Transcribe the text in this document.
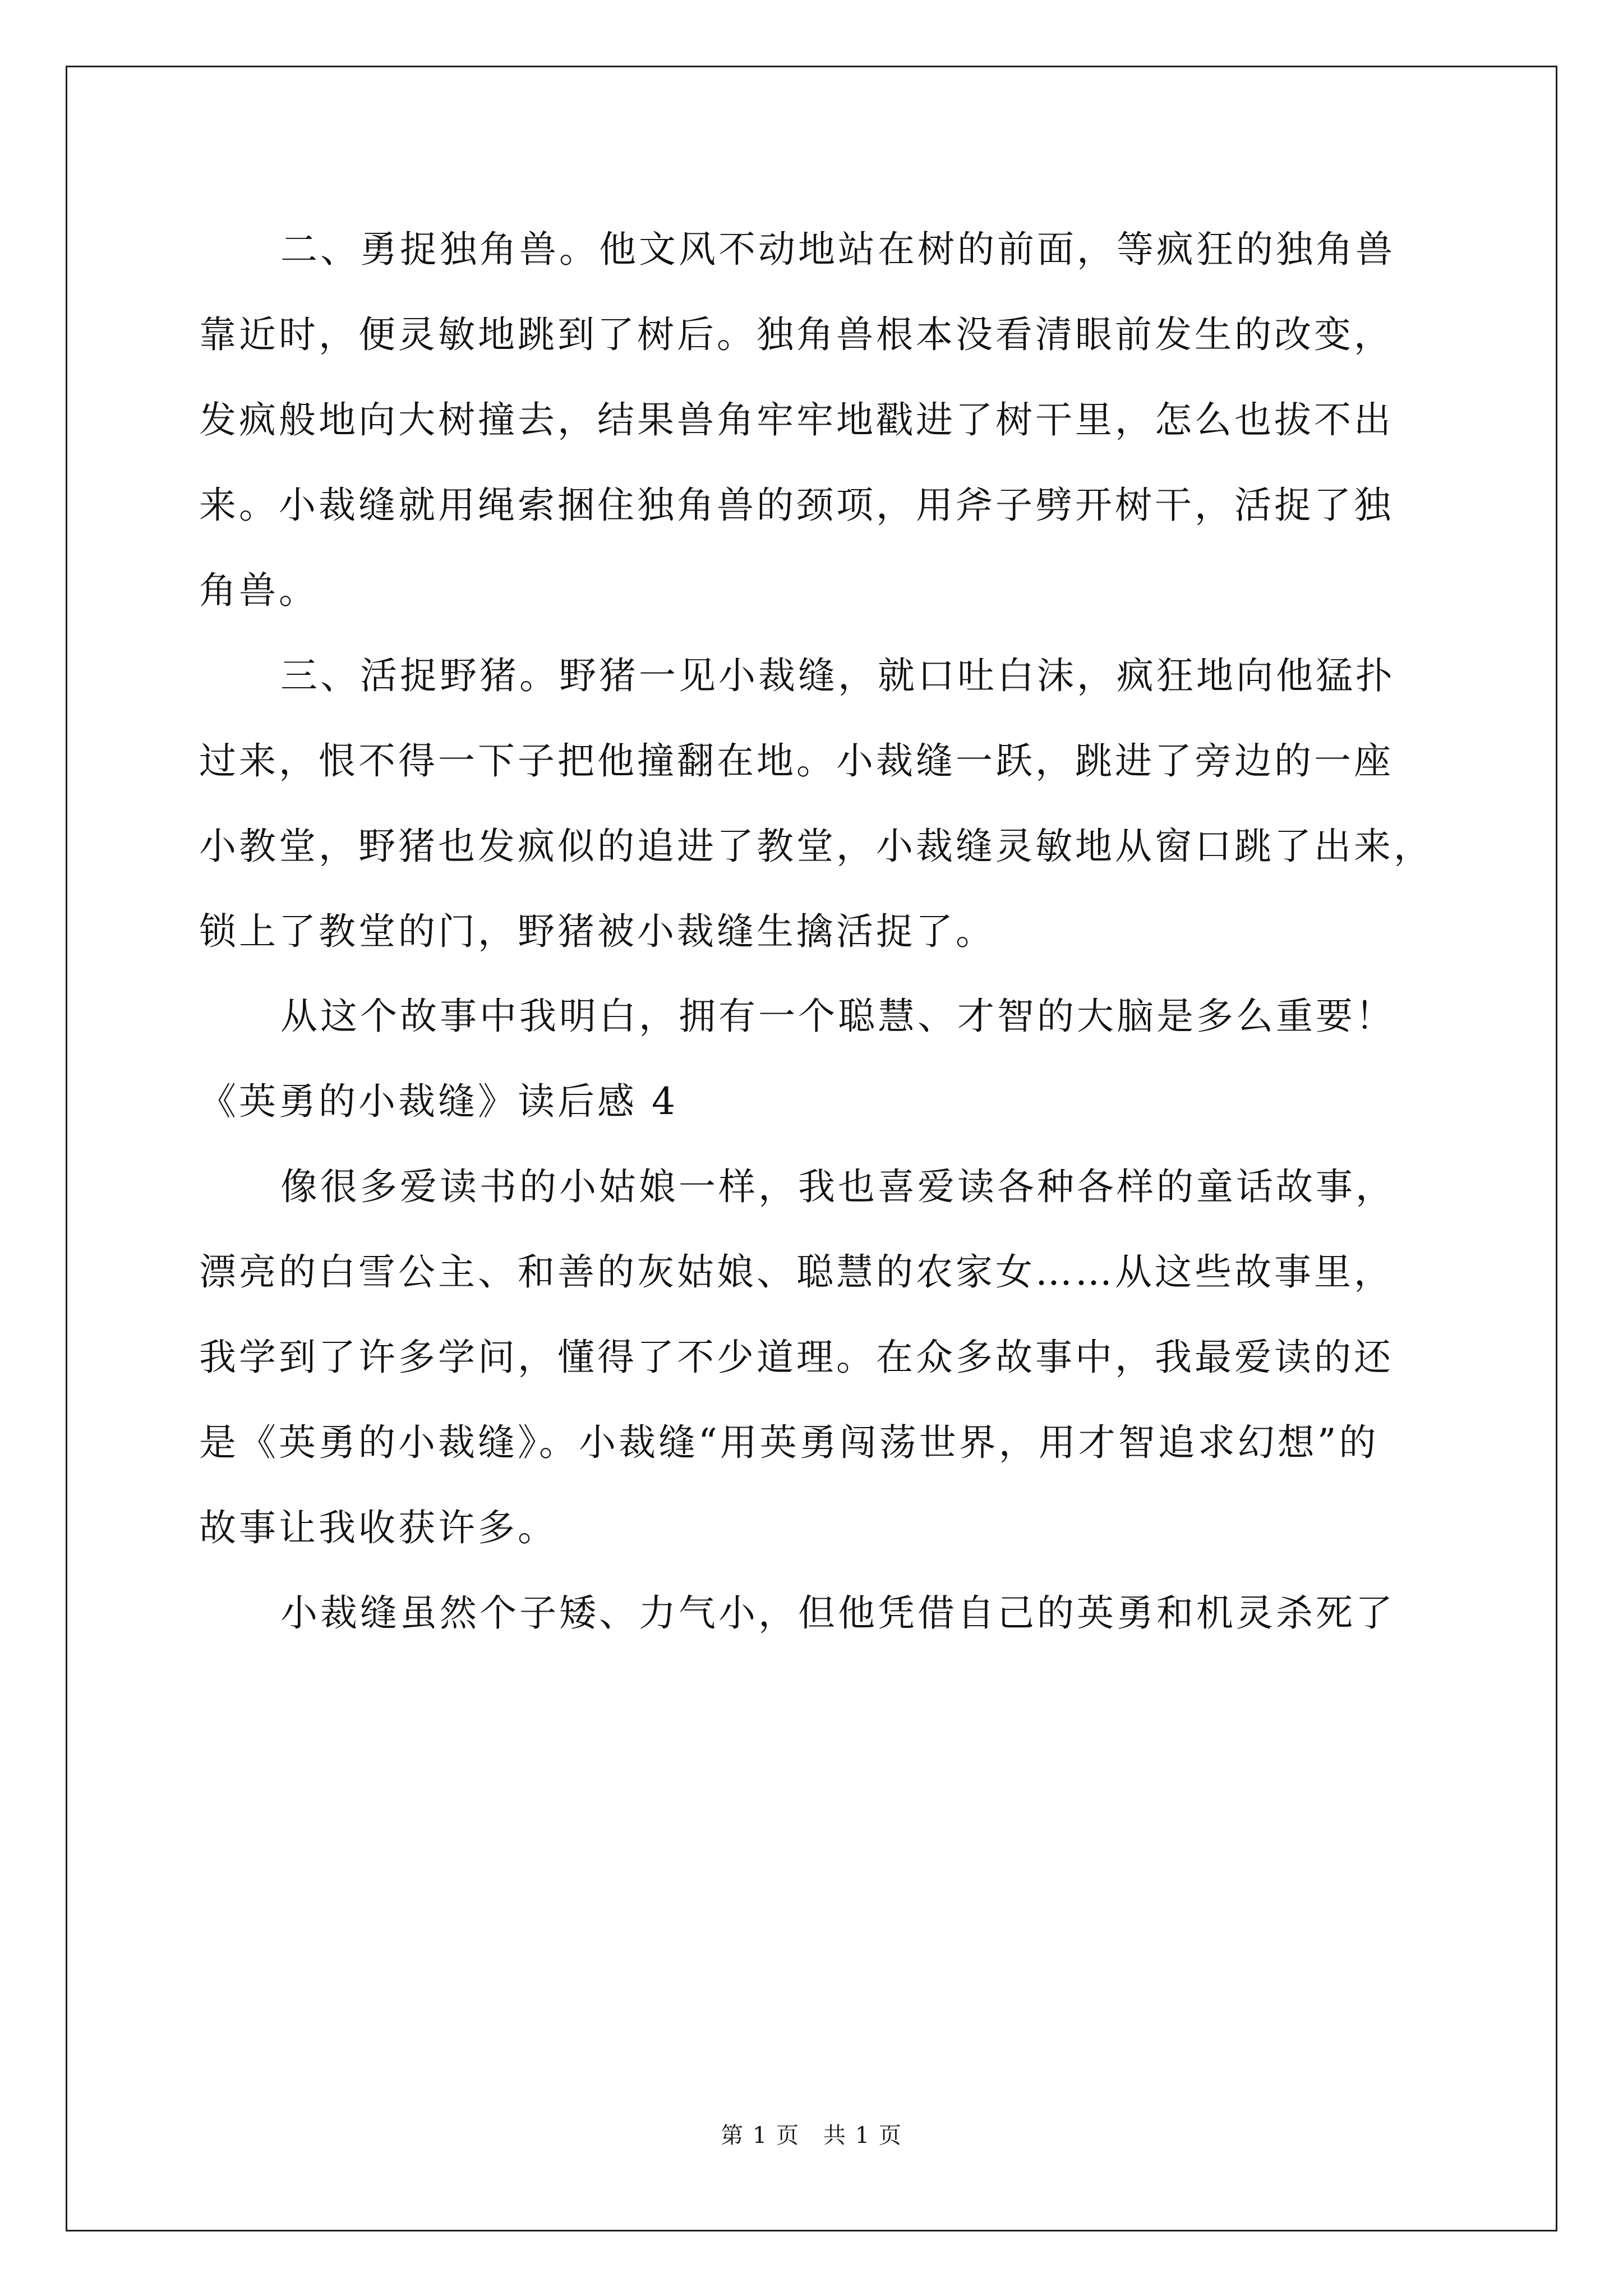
二、勇捉独角兽。他文风不动地站在树的前面，等疯狂的独角兽
靠近时，便灵敏地跳到了树后。独角兽根本没看清眼前发生的改变，
发疯般地向大树撞去，结果兽角牢牢地戳进了树干里，怎么也拔不出
来。小裁缝就用绳索捆住独角兽的颈项，用斧子劈开树干，活捉了独
角兽。
三、活捉野猪。野猪一见小裁缝，就口吐白沫，疯狂地向他猛扑
过来，恨不得一下子把他撞翻在地。小裁缝一跃，跳进了旁边的一座
小教堂，野猪也发疯似的追进了教堂，小裁缝灵敏地从窗口跳了出来，
锁上了教堂的门，野猪被小裁缝生擒活捉了。
从这个故事中我明白，拥有一个聪慧、才智的大脑是多么重要！
《英勇的小裁缝》读后感 4
像很多爱读书的小姑娘一样，我也喜爱读各种各样的童话故事，
漂亮的白雪公主、和善的灰姑娘、聪慧的农家女……从这些故事里，
我学到了许多学问，懂得了不少道理。在众多故事中，我最爱读的还
是《英勇的小裁缝》。小裁缝“用英勇闯荡世界，用才智追求幻想”的
故事让我收获许多。
小裁缝虽然个子矮、力气小，但他凭借自己的英勇和机灵杀死了
第 1 页　共 1 页
